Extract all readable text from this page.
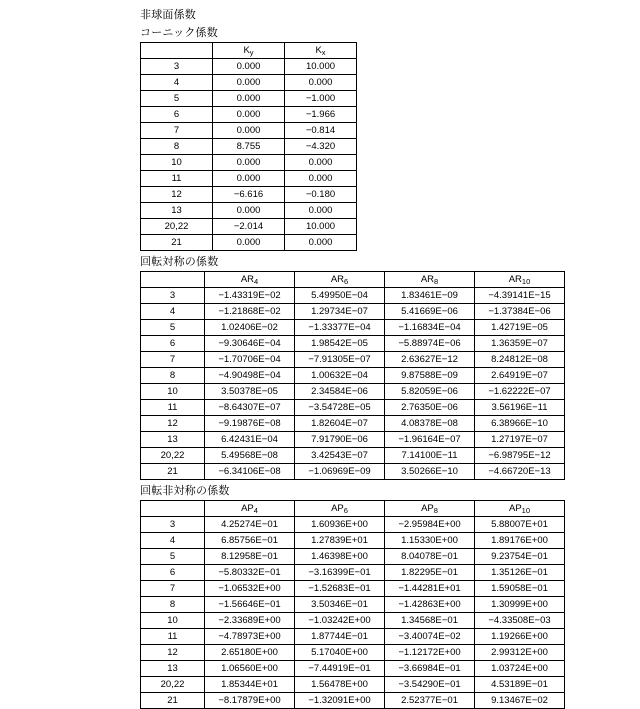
非球面係数
コーニック係数
	$K_y$	$K_x$
3	0.000	10.000
4	0.000	0.000
5	0.000	−1.000
6	0.000	−1.966
7	0.000	−0.814
8	8.755	−4.320
10	0.000	0.000
11	0.000	0.000
12	−6.616	−0.180
13	0.000	0.000
20,22	−2.014	10.000
21	0.000	0.000
回転対称の係数
	$AR_4$	$AR_6$	$AR_8$	$AR_{10}$
3	−1.43319E−02	5.49950E−04	1.83461E−09	−4.39141E−15
4	−1.21868E−02	1.29734E−07	5.41669E−06	−1.37384E−06
5	1.02406E−02	−1.33377E−04	−1.16834E−04	1.42719E−05
6	−9.30646E−04	1.98542E−05	−5.88974E−06	1.36359E−07
7	−1.70706E−04	−7.91305E−07	2.63627E−12	8.24812E−08
8	−4.90498E−04	1.00632E−04	9.87588E−09	2.64919E−07
10	3.50378E−05	2.34584E−06	5.82059E−06	−1.62222E−07
11	−8.64307E−07	−3.54728E−05	2.76350E−06	3.56196E−11
12	−9.19876E−08	1.82604E−07	4.08378E−08	6.38966E−10
13	6.42431E−04	7.91790E−06	−1.96164E−07	1.27197E−07
20,22	5.49568E−08	3.42543E−07	7.14100E−11	−6.98795E−12
21	−6.34106E−08	−1.06969E−09	3.50266E−10	−4.66720E−13
回転非対称の係数
	$AP_4$	$AP_6$	$AP_8$	$AP_{10}$
3	4.25274E−01	1.60936E+00	−2.95984E+00	5.88007E+01
4	6.85756E−01	1.27839E+01	1.15330E+00	1.89176E+00
5	8.12958E−01	1.46398E+00	8.04078E−01	9.23754E−01
6	−5.80332E−01	−3.16399E−01	1.82295E−01	1.35126E−01
7	−1.06532E+00	−1.52683E−01	−1.44281E+01	1.59058E−01
8	−1.56646E−01	3.50346E−01	−1.42863E+00	1.30999E+00
10	−2.33689E+00	−1.03242E+00	1.34568E−01	−4.33508E−03
11	−4.78973E+00	1.87744E−01	−3.40074E−02	1.19266E+00
12	2.65180E+00	5.17040E+00	−1.12172E+00	2.99312E+00
13	1.06560E+00	−7.44919E−01	−3.66984E−01	1.03724E+00
20,22	1.85344E+01	1.56478E+00	−3.54290E−01	4.53189E−01
21	−8.17879E+00	−1.32091E+00	2.52377E−01	9.13467E−02
